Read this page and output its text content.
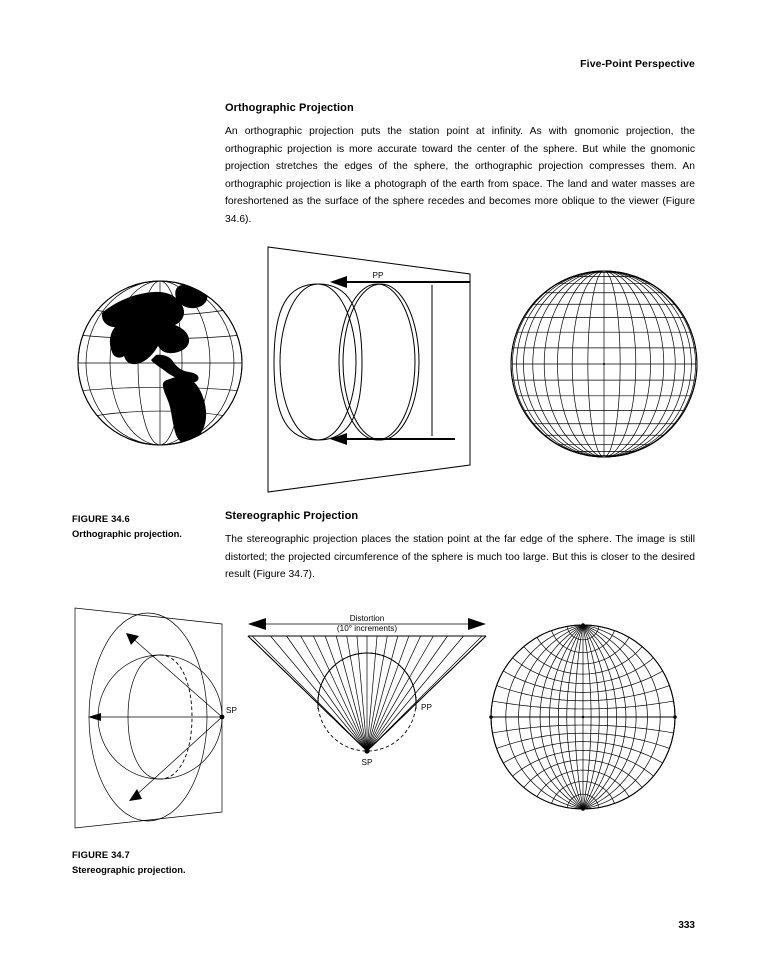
Five-Point Perspective
Orthographic Projection

An orthographic projection puts the station point at infinity. As with gnomonic projection, the orthographic projection is more accurate toward the center of the sphere. But while the gnomonic projection stretches the edges of the sphere, the orthographic projection compresses them. An orthographic projection is like a photograph of the earth from space. The land and water masses are foreshortened as the surface of the sphere recedes and becomes more oblique to the viewer (Figure 34.6).

PP
FIGURE 34.6
Orthographic projection.
Stereographic Projection

The stereographic projection places the station point at the far edge of the sphere. The image is still distorted; the projected circumference of the sphere is much too large. But this is closer to the desired result (Figure 34.7).

SP
Distortion
(10° increments)
SP
PP
FIGURE 34.7
Stereographic projection.
333
